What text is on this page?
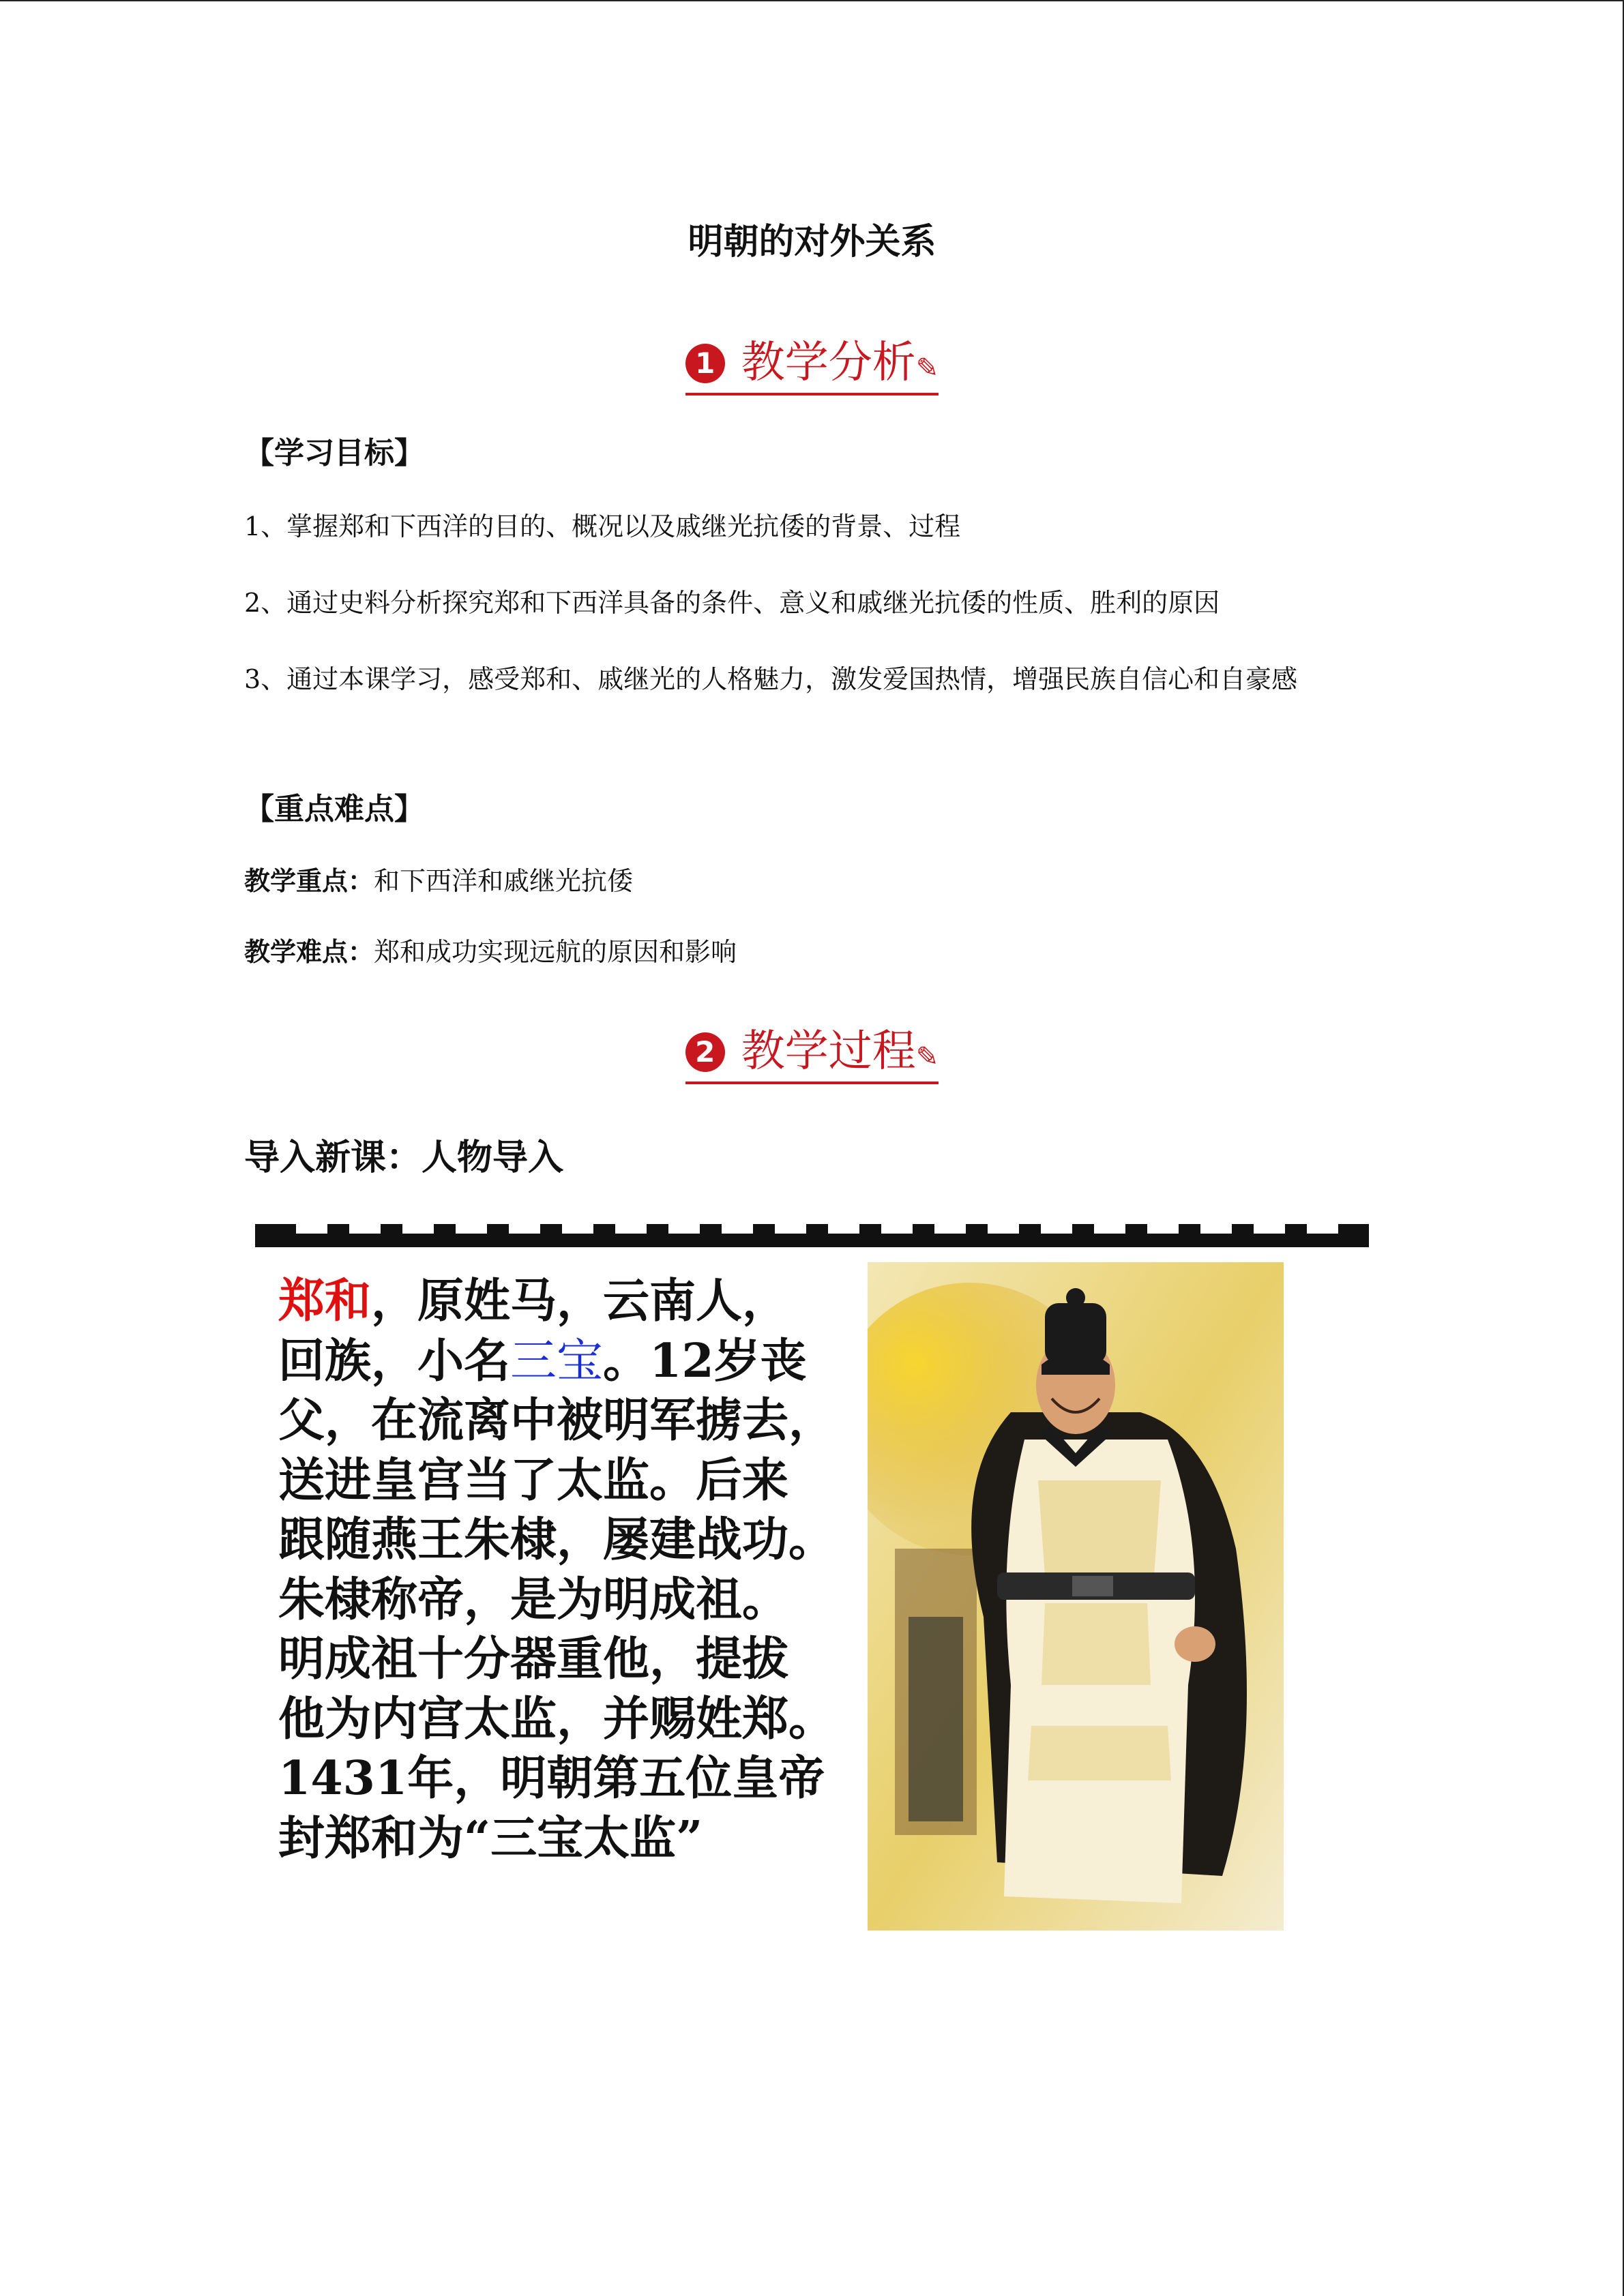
明朝的对外关系
1 教学分析✎
【学习目标】
1、掌握郑和下西洋的目的、概况以及戚继光抗倭的背景、过程
2、通过史料分析探究郑和下西洋具备的条件、意义和戚继光抗倭的性质、胜利的原因
3、通过本课学习，感受郑和、戚继光的人格魅力，激发爱国热情，增强民族自信心和自豪感
【重点难点】
教学重点：和下西洋和戚继光抗倭
教学难点：郑和成功实现远航的原因和影响
2 教学过程✎
导入新课：人物导入
郑和，原姓马，云南人，
回族，小名三宝。12岁丧
父，在流离中被明军掳去，
送进皇宫当了太监。后来
跟随燕王朱棣，屡建战功。
朱棣称帝，是为明成祖。
明成祖十分器重他，提拔
他为内宫太监，并赐姓郑。
1431年，明朝第五位皇帝
封郑和为“三宝太监”
